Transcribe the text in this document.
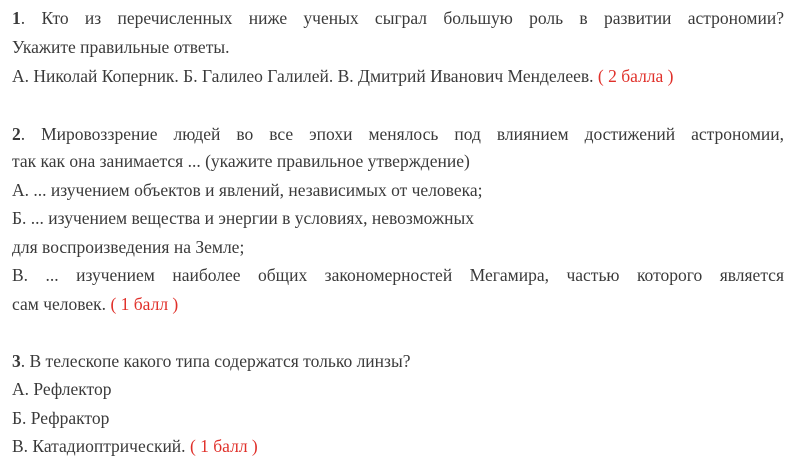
1. Кто из перечисленных ниже ученых сыграл большую роль в развитии астрономии?
Укажите правильные ответы.
А. Николай Коперник. Б. Галилео Галилей. В. Дмитрий Иванович Менделеев. ( 2 балла )
2. Мировоззрение людей во все эпохи менялось под влиянием достижений астрономии,
так как она занимается ... (укажите правильное утверждение)
А. ... изучением объектов и явлений, независимых от человека;
Б. ... изучением вещества и энергии в условиях, невозможных
для воспроизведения на Земле;
В. ... изучением наиболее общих закономерностей Мегамира, частью которого является
сам человек. ( 1 балл )
3. В телескопе какого типа содержатся только линзы?
А. Рефлектор
Б. Рефрактор
В. Катадиоптрический. ( 1 балл )
